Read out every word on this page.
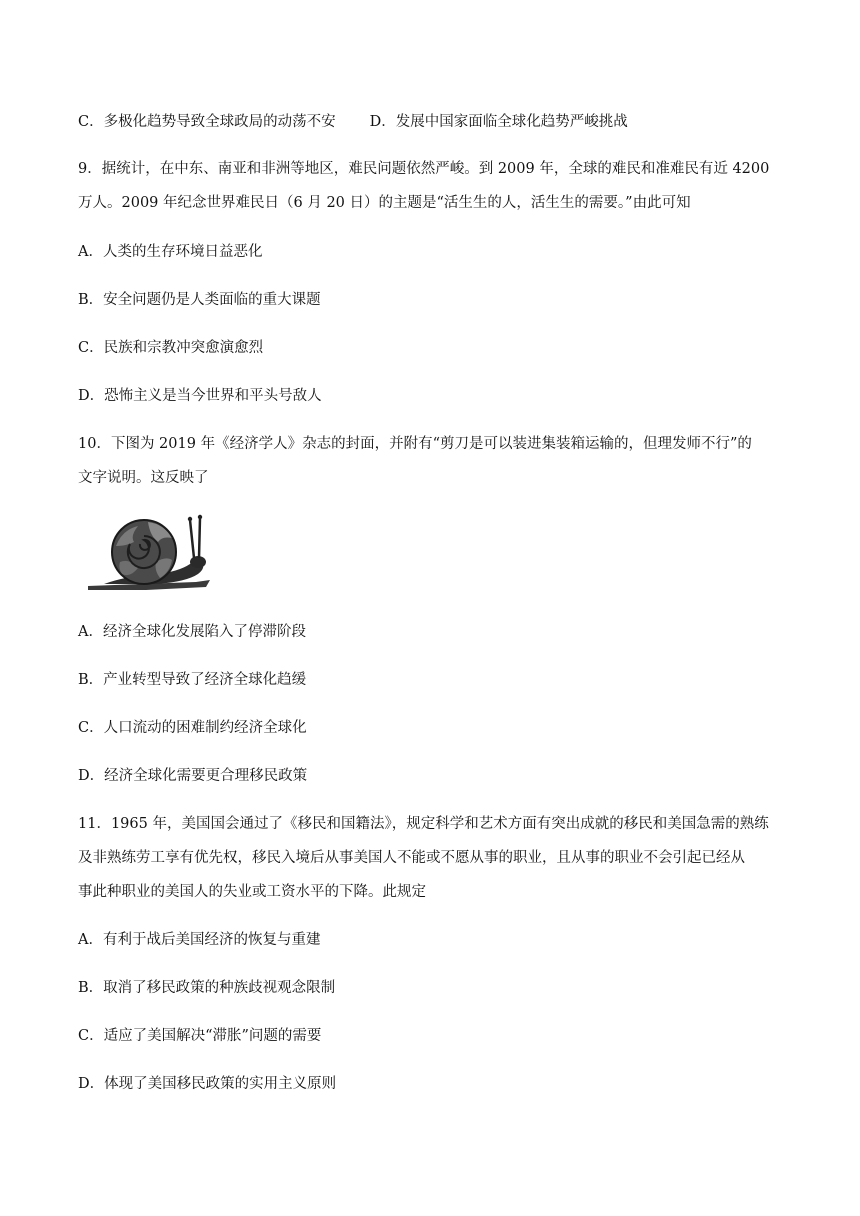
C．多极化趋势导致全球政局的动荡不安 D．发展中国家面临全球化趋势严峻挑战
9．据统计，在中东、南亚和非洲等地区，难民问题依然严峻。到 2009 年，全球的难民和准难民有近 4200
万人。2009 年纪念世界难民日（6 月 20 日）的主题是“活生生的人，活生生的需要。”由此可知
A．人类的生存环境日益恶化
B．安全问题仍是人类面临的重大课题
C．民族和宗教冲突愈演愈烈
D．恐怖主义是当今世界和平头号敌人
10．下图为 2019 年《经济学人》杂志的封面，并附有“剪刀是可以装进集装箱运输的，但理发师不行”的
文字说明。这反映了
A．经济全球化发展陷入了停滞阶段
B．产业转型导致了经济全球化趋缓
C．人口流动的困难制约经济全球化
D．经济全球化需要更合理移民政策
11．1965 年，美国国会通过了《移民和国籍法》，规定科学和艺术方面有突出成就的移民和美国急需的熟练
及非熟练劳工享有优先权，移民入境后从事美国人不能或不愿从事的职业，且从事的职业不会引起已经从
事此种职业的美国人的失业或工资水平的下降。此规定
A．有利于战后美国经济的恢复与重建
B．取消了移民政策的种族歧视观念限制
C．适应了美国解决“滞胀”问题的需要
D．体现了美国移民政策的实用主义原则
